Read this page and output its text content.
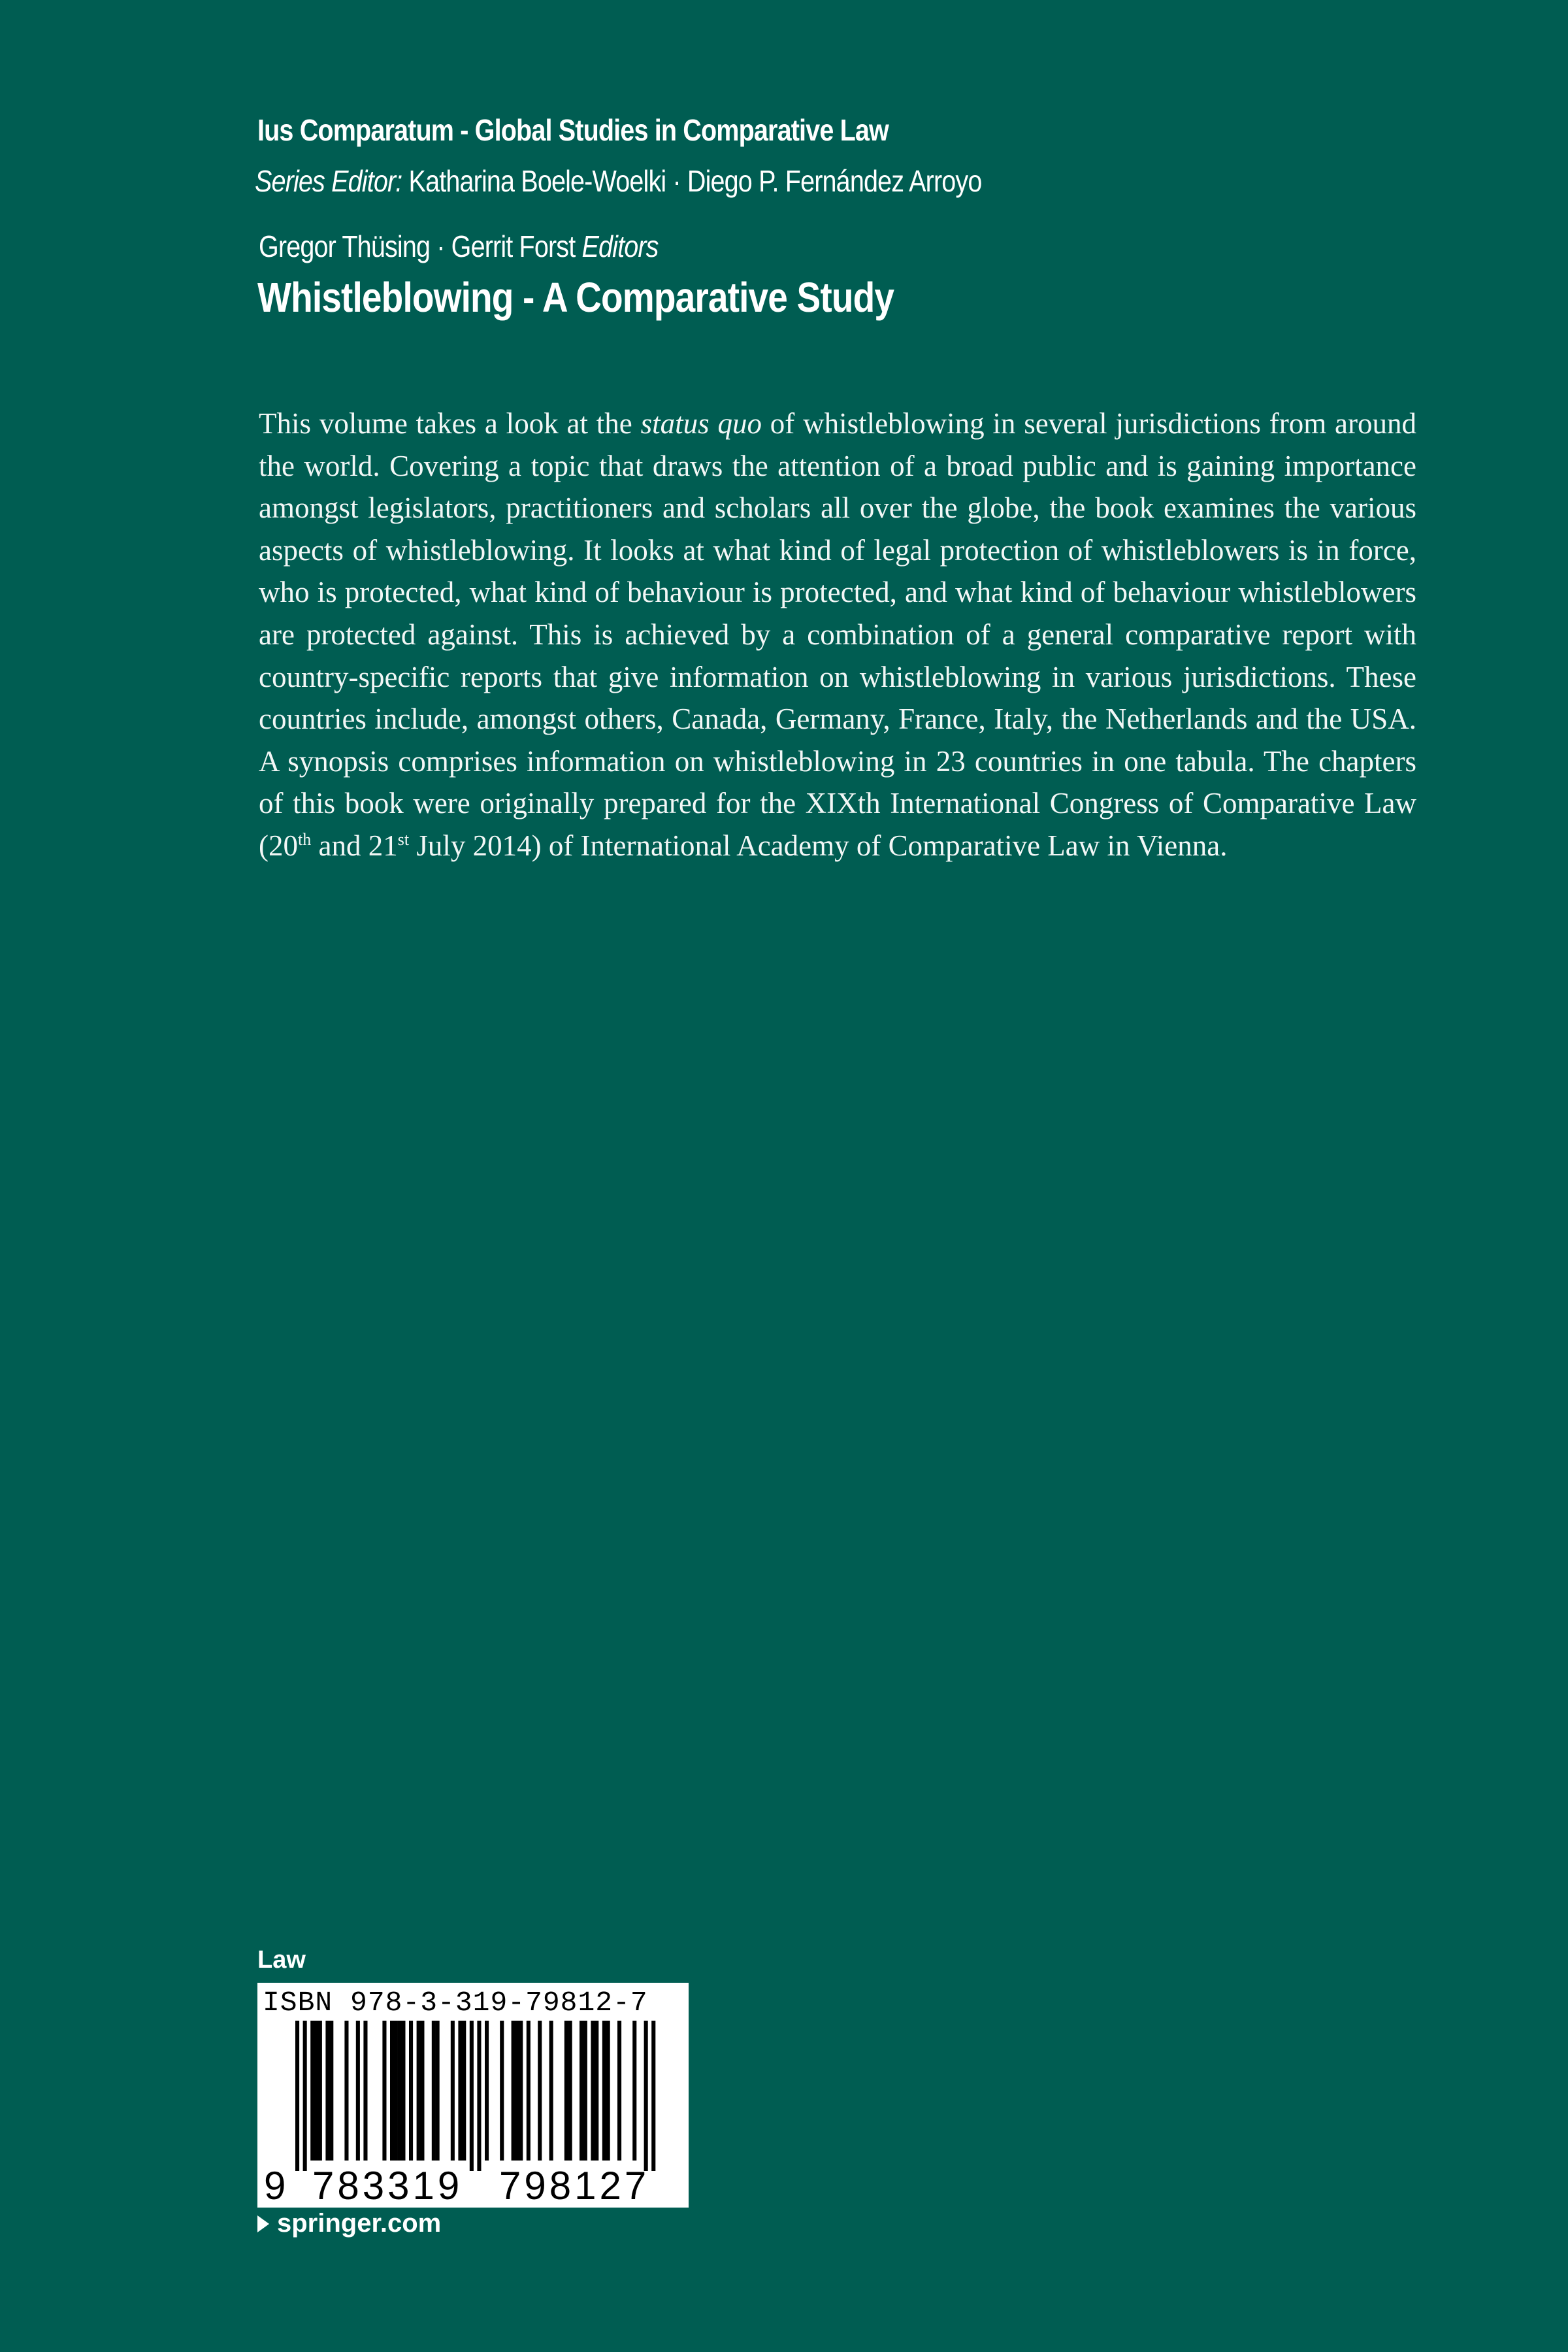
Ius Comparatum - Global Studies in Comparative Law
Series Editor: Katharina Boele-Woelki · Diego P. Fernández Arroyo
Gregor Thüsing · Gerrit Forst Editors
Whistleblowing - A Comparative Study

This volume takes a look at the status quo of whistleblowing in several jurisdictions from around the world. Covering a topic that draws the attention of a broad public and is gaining importance amongst legislators, practitioners and scholars all over the globe, the book examines the various aspects of whistleblowing. It looks at what kind of legal protection of whistleblowers is in force, who is protected, what kind of behaviour is protected, and what kind of behaviour whistleblowers are protected against. This is achieved by a combination of a general comparative report with country-specific reports that give information on whistleblowing in various jurisdictions. These countries include, amongst others, Canada, Germany, France, Italy, the Netherlands and the USA. A synopsis comprises information on whistleblowing in 23 countries in one tabula. The chapters of this book were originally prepared for the XIXth International Congress of Comparative Law (20th and 21st July 2014) of International Academy of Comparative Law in Vienna.

Law
ISBN 978-3-319-79812-7
9 783319 798127
springer.com
